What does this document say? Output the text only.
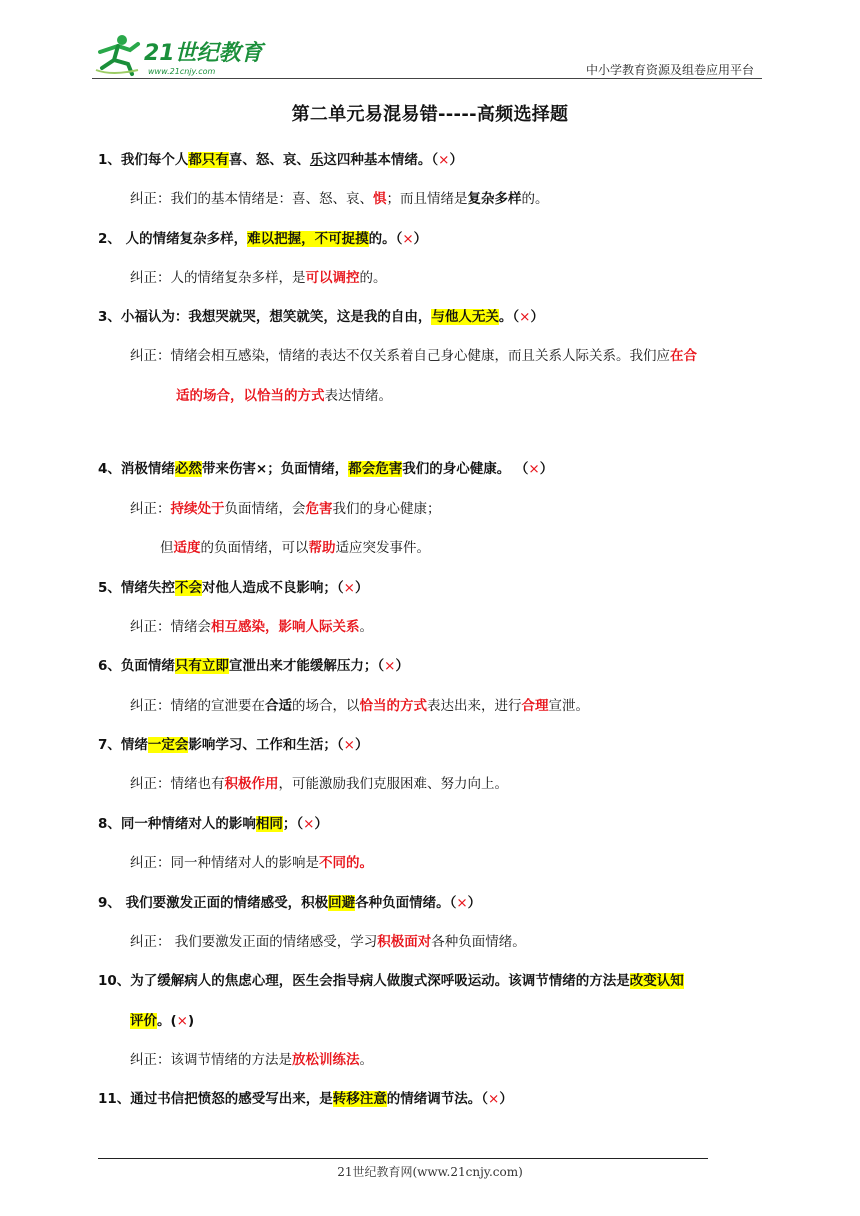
21世纪教育
www.21cnjy.com	中小学教育资源及组卷应用平台
第二单元易混易错-----高频选择题
1、我们每个人都只有喜、怒、哀、乐这四种基本情绪。（×）
纠正：我们的基本情绪是：喜、怒、哀、惧；而且情绪是复杂多样的。
2、 人的情绪复杂多样，难以把握，不可捉摸的。（×）
纠正：人的情绪复杂多样，是可以调控的。
3、小福认为：我想哭就哭，想笑就笑，这是我的自由，与他人无关。（×）
纠正：情绪会相互感染，情绪的表达不仅关系着自己身心健康，而且关系人际关系。我们应在合
适的场合，以恰当的方式表达情绪。
4、消极情绪必然带来伤害×；负面情绪，都会危害我们的身心健康。 （×）
纠正：持续处于负面情绪，会危害我们的身心健康；
但适度的负面情绪，可以帮助适应突发事件。
5、情绪失控不会对他人造成不良影响；（×）
纠正：情绪会相互感染，影响人际关系。
6、负面情绪只有立即宣泄出来才能缓解压力；（×）
纠正：情绪的宣泄要在合适的场合，以恰当的方式表达出来，进行合理宣泄。
7、情绪一定会影响学习、工作和生活；（×）
纠正：情绪也有积极作用，可能激励我们克服困难、努力向上。
8、同一种情绪对人的影响相同；（×）
纠正：同一种情绪对人的影响是不同的。
9、 我们要激发正面的情绪感受，积极回避各种负面情绪。（×）
纠正： 我们要激发正面的情绪感受，学习积极面对各种负面情绪。
10、为了缓解病人的焦虑心理，医生会指导病人做腹式深呼吸运动。该调节情绪的方法是改变认知
评价。(×)
纠正：该调节情绪的方法是放松训练法。
11、通过书信把愤怒的感受写出来，是转移注意的情绪调节法。（×）
21世纪教育网(www.21cnjy.com)
